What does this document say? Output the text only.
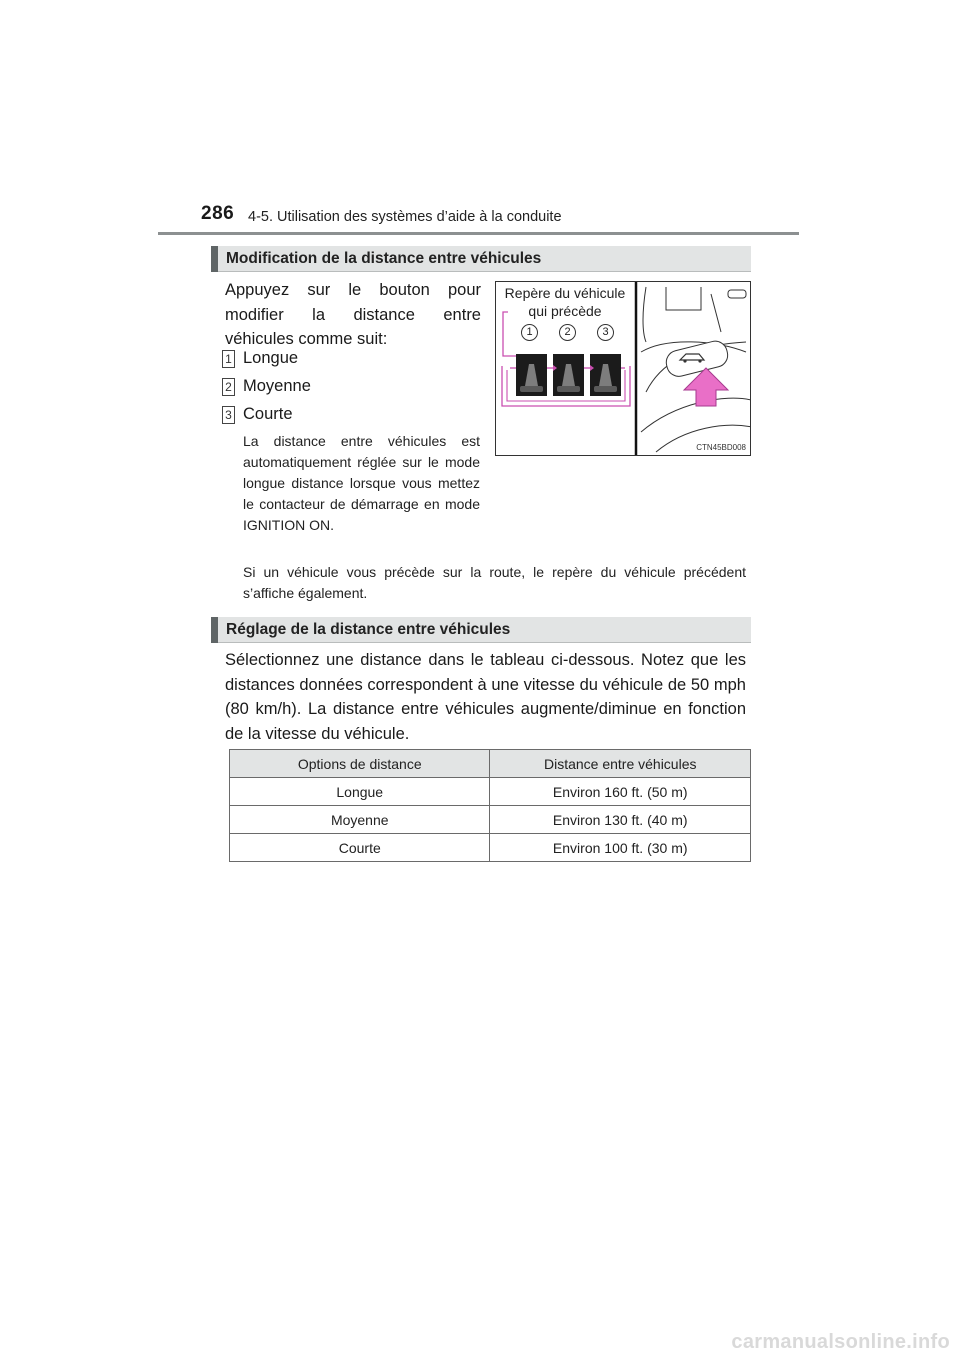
286 4-5. Utilisation des systèmes d’aide à la conduite
Modification de la distance entre véhicules
Appuyez sur le bouton pour modifier la distance entre véhicules comme suit:
1 Longue
2 Moyenne
3 Courte
La distance entre véhicules est automatiquement réglée sur le mode longue distance lorsque vous mettez le contacteur de démarrage en mode IGNITION ON.
Repère du véhicule qui précède
1	2	3
CTN45BD008
Si un véhicule vous précède sur la route, le repère du véhicule précédent s’affiche également.
Réglage de la distance entre véhicules
Sélectionnez une distance dans le tableau ci-dessous. Notez que les distances données correspondent à une vitesse du véhicule de 50 mph (80 km/h). La distance entre véhicules augmente/diminue en fonction de la vitesse du véhicule.
Options de distance	Distance entre véhicules
Longue	Environ 160 ft. (50 m)
Moyenne	Environ 130 ft. (40 m)
Courte	Environ 100 ft. (30 m)
carmanualsonline.info
